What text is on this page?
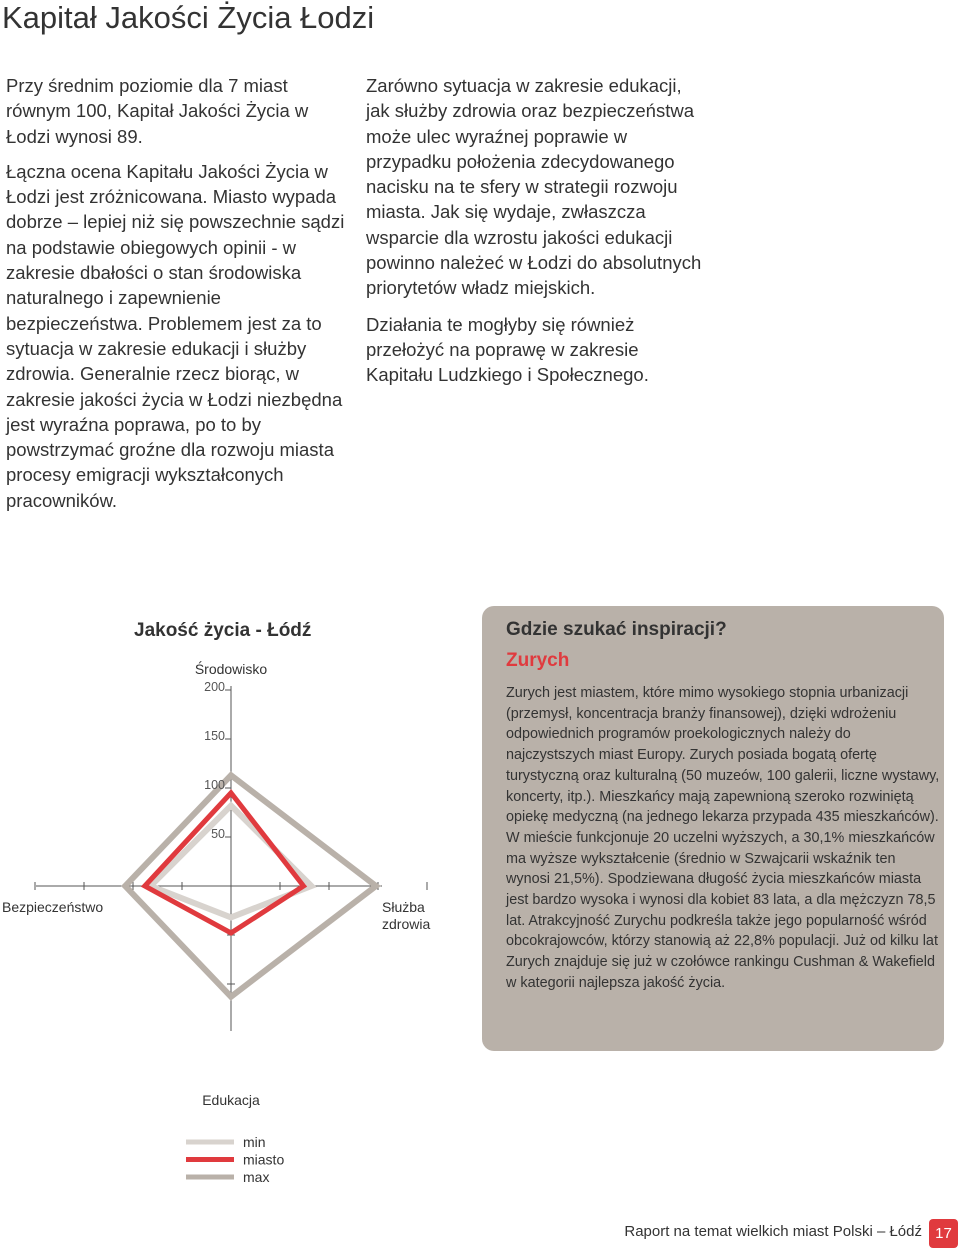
Kapitał Jakości Życia Łodzi

Przy średnim poziomie dla 7 miast równym 100, Kapitał Jakości Życia w Łodzi wynosi 89.

Łączna ocena Kapitału Jakości Życia w Łodzi jest zróżnicowana. Miasto wypada dobrze – lepiej niż się powszechnie sądzi na podstawie obiegowych opinii - w zakresie dbałości o stan środowiska naturalnego i zapewnienie bezpieczeństwa. Problemem jest za to sytuacja w zakresie edukacji i służby zdrowia. Generalnie rzecz biorąc, w zakresie jakości życia w Łodzi niezbędna jest wyraźna poprawa, po to by powstrzymać groźne dla rozwoju miasta procesy emigracji wykształconych pracowników.

Zarówno sytuacja w zakresie edukacji, jak służby zdrowia oraz bezpieczeństwa może ulec wyraźnej poprawie w przypadku położenia zdecydowanego nacisku na te sfery w strategii rozwoju miasta. Jak się wydaje, zwłaszcza wsparcie dla wzrostu jakości edukacji powinno należeć w Łodzi do absolutnych priorytetów władz miejskich.

Działania te mogłyby się również przełożyć na poprawę w zakresie Kapitału Ludzkiego i Społecznego.

Jakość życia - Łódź
50
100
150
200
Środowisko
Służba
zdrowia
Edukacja
Bezpieczeństwo
min
miasto
max
Gdzie szukać inspiracji?
Zurych
Zurych jest miastem, które mimo wysokiego stopnia urbanizacji (przemysł, koncentracja branży finansowej), dzięki wdrożeniu odpowiednich programów proekologicznych należy do najczystszych miast Europy. Zurych posiada bogatą ofertę turystyczną oraz kulturalną (50 muzeów, 100 galerii, liczne wystawy, koncerty, itp.). Mieszkańcy mają zapewnioną szeroko rozwiniętą opiekę medyczną (na jednego lekarza przypada 435 mieszkańców). W mieście funkcjonuje 20 uczelni wyższych, a 30,1% mieszkańców ma wyższe wykształcenie (średnio w Szwajcarii wskaźnik ten wynosi 21,5%). Spodziewana długość życia mieszkańców miasta jest bardzo wysoka i wynosi dla kobiet 83 lata, a dla mężczyzn 78,5 lat. Atrakcyjność Zurychu podkreśla także jego popularność wśród obcokrajowców, którzy stanowią aż 22,8% populacji. Już od kilku lat Zurych znajduje się już w czołówce rankingu Cushman & Wakefield w kategorii najlepsza jakość życia.
Raport na temat wielkich miast Polski – Łódź 17
